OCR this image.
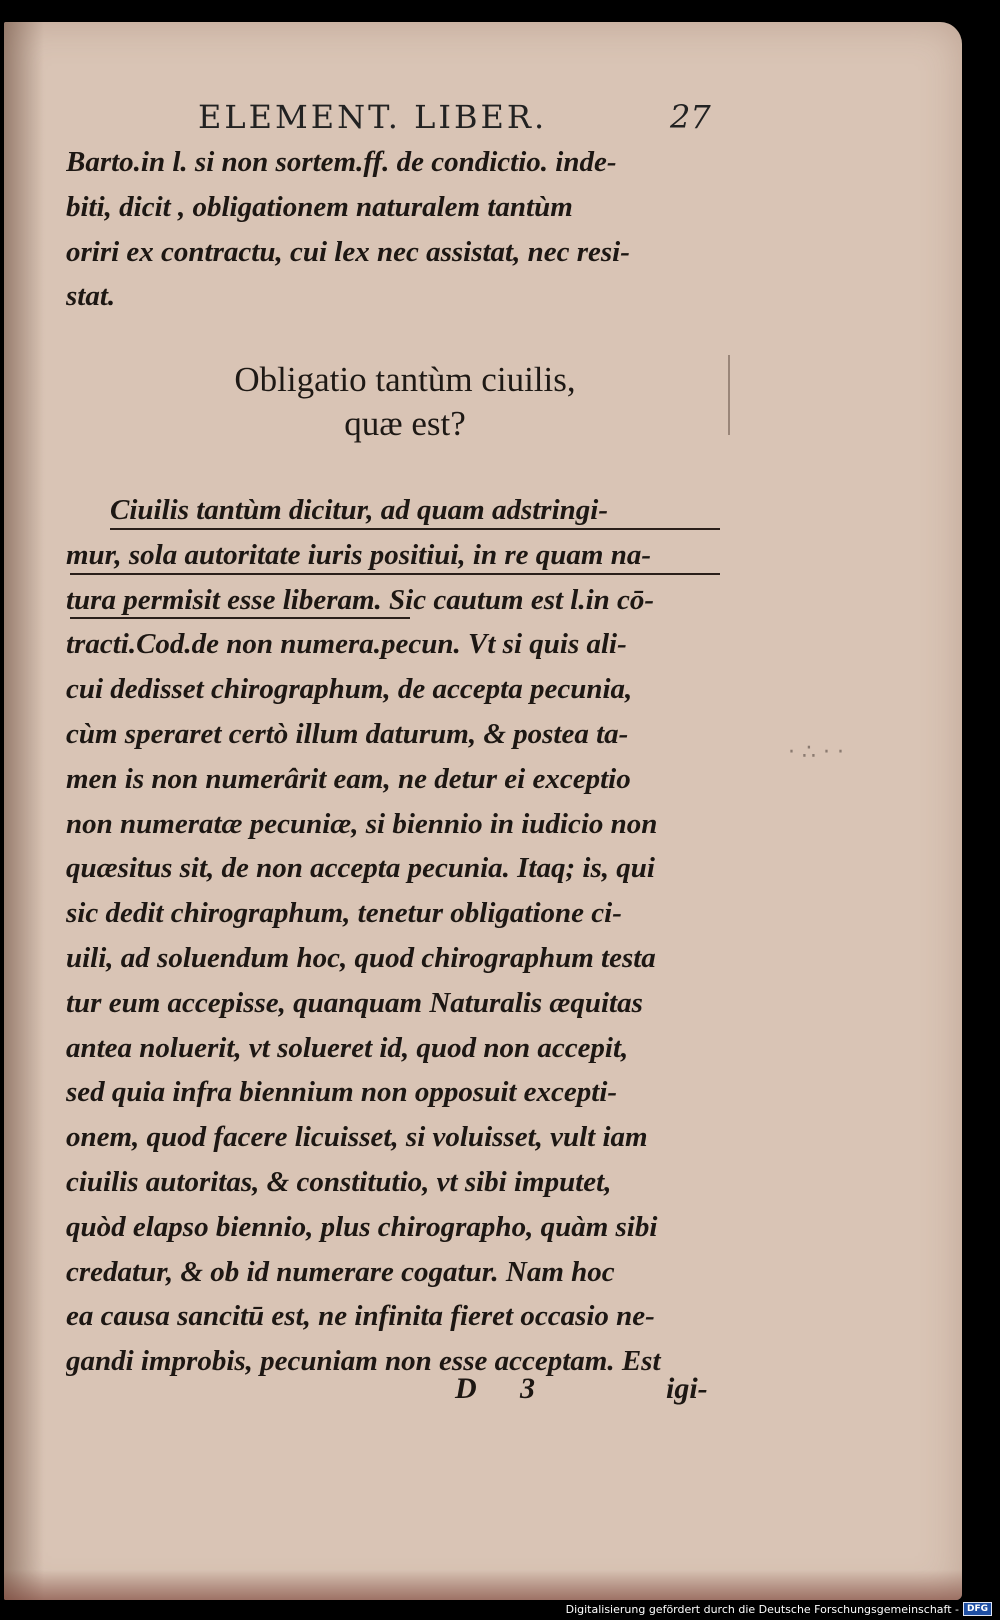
ELEMENT. LIBER.	27
Barto.in l. si non sortem.ff. de condictio. inde-
biti, dicit , obligationem naturalem tantùm
oriri ex contractu, cui lex nec assistat, nec resi-
stat.
Obligatio tantùm ciuilis,
quæ est?
Ciuilis tantùm dicitur, ad quam adstringi-
mur, sola autoritate iuris positiui, in re quam na-
tura permisit esse liberam. Sic cautum est l.in cō-
tracti.Cod.de non numera.pecun. Vt si quis ali-
cui dedisset chirographum, de accepta pecunia,
cùm speraret certò illum daturum, & postea ta-
men is non numerârit eam, ne detur ei exceptio
non numeratæ pecuniæ, si biennio in iudicio non
quæsitus sit, de non accepta pecunia. Itaq; is, qui
sic dedit chirographum, tenetur obligatione ci-
uili, ad soluendum hoc, quod chirographum testa
tur eum accepisse, quanquam Naturalis æquitas
antea noluerit, vt solueret id, quod non accepit,
sed quia infra biennium non opposuit excepti-
onem, quod facere licuisset, si voluisset, vult iam
ciuilis autoritas, & constitutio, vt sibi imputet,
quòd elapso biennio, plus chirographo, quàm sibi
credatur, & ob id numerare cogatur. Nam hoc
ea causa sancitū est, ne infinita fieret occasio ne-
gandi improbis, pecuniam non esse acceptam. Est
· ∴ · ·
D 3	igi-
Digitalisierung gefördert durch die Deutsche Forschungsgemeinschaft - DFG
